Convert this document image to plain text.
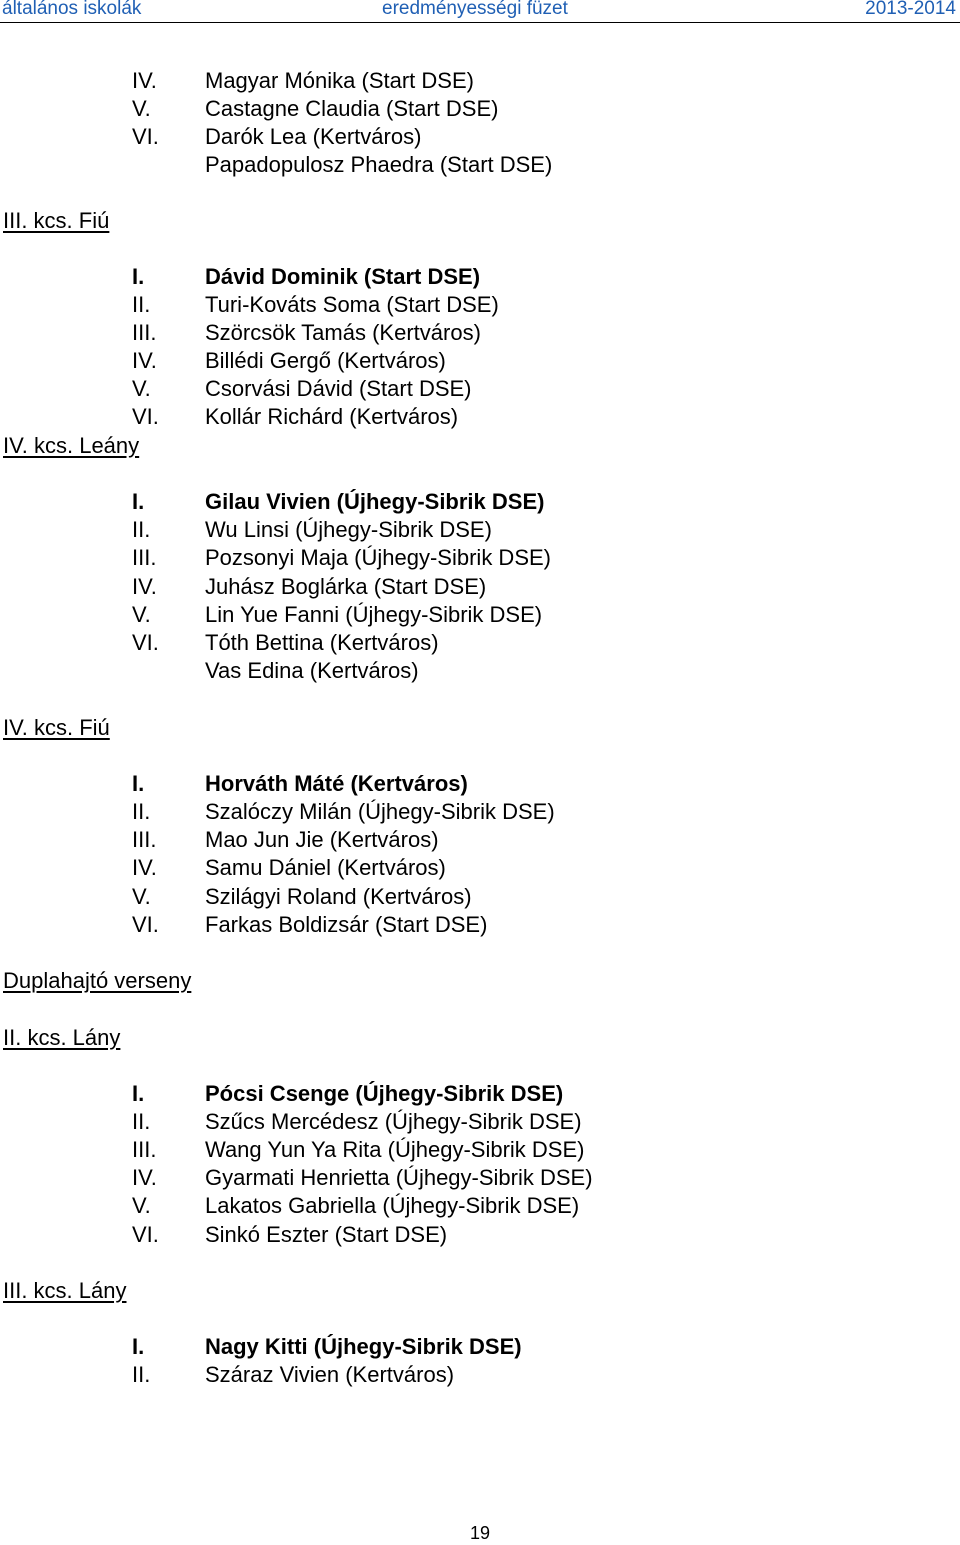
általános iskolák	eredményességi füzet	2013-2014
IV. Magyar Mónika (Start DSE)
V. Castagne Claudia (Start DSE)
VI. Darók Lea (Kertváros)
Papadopulosz Phaedra (Start DSE)
III. kcs. Fiú
I.	Dávid Dominik (Start DSE)
II. Turi-Kováts Soma (Start DSE)
III. Szörcsök Tamás (Kertváros)
IV. Billédi Gergő (Kertváros)
V. Csorvási Dávid (Start DSE)
VI. Kollár Richárd (Kertváros)
IV. kcs. Leány
I.	Gilau Vivien (Újhegy-Sibrik DSE)
II. Wu Linsi (Újhegy-Sibrik DSE)
III. Pozsonyi Maja (Újhegy-Sibrik DSE)
IV. Juhász Boglárka (Start DSE)
V. Lin Yue Fanni (Újhegy-Sibrik DSE)
VI. Tóth Bettina (Kertváros)
Vas Edina (Kertváros)
IV. kcs. Fiú
I.	Horváth Máté (Kertváros)
II. Szalóczy Milán (Újhegy-Sibrik DSE)
III. Mao Jun Jie (Kertváros)
IV. Samu Dániel (Kertváros)
V. Szilágyi Roland (Kertváros)
VI. Farkas Boldizsár (Start DSE)
Duplahajtó verseny
II. kcs. Lány
I.	Pócsi Csenge (Újhegy-Sibrik DSE)
II. Szűcs Mercédesz (Újhegy-Sibrik DSE)
III. Wang Yun Ya Rita (Újhegy-Sibrik DSE)
IV. Gyarmati Henrietta (Újhegy-Sibrik DSE)
V. Lakatos Gabriella (Újhegy-Sibrik DSE)
VI. Sinkó Eszter (Start DSE)
III. kcs. Lány
I.	Nagy Kitti (Újhegy-Sibrik DSE)
II. Száraz Vivien (Kertváros)
19
